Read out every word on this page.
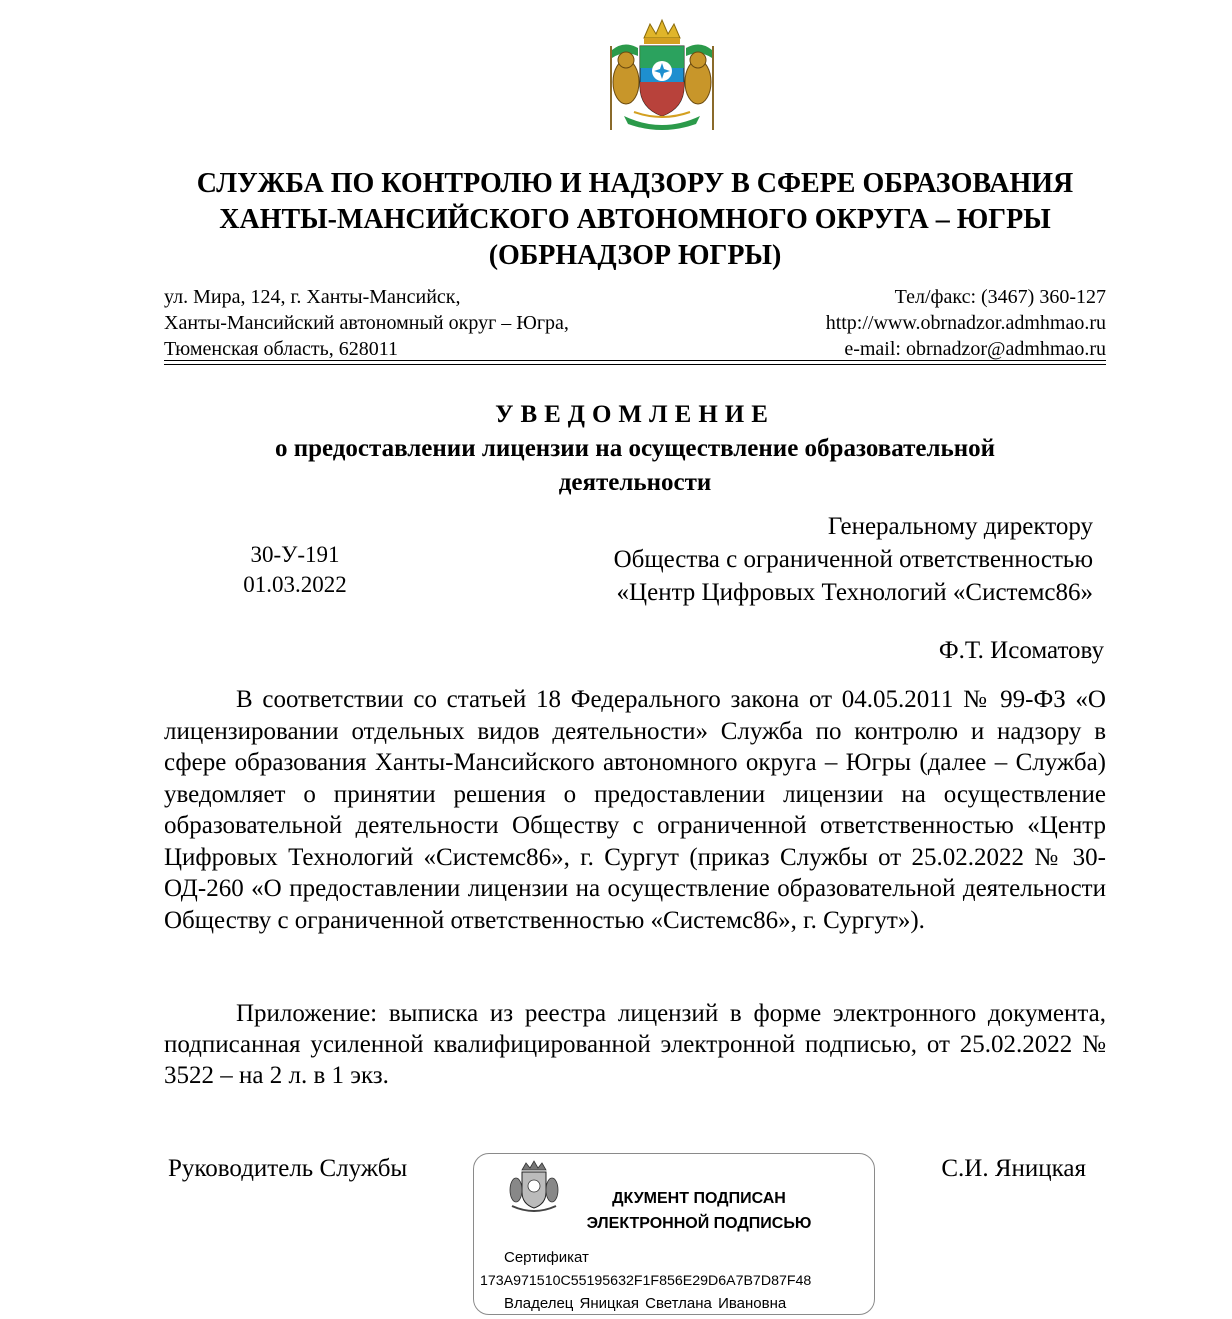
СЛУЖБА ПО КОНТРОЛЮ И НАДЗОРУ В СФЕРЕ ОБРАЗОВАНИЯ
ХАНТЫ-МАНСИЙСКОГО АВТОНОМНОГО ОКРУГА – ЮГРЫ
(ОБРНАДЗОР ЮГРЫ)
ул. Мира, 124, г. Ханты-Мансийск,	Тел/факс: (3467) 360-127
Ханты-Мансийский автономный округ – Югра,	http://www.obrnadzor.admhmao.ru
Тюменская область, 628011	e-mail: obrnadzor@admhmao.ru
УВЕДОМЛЕНИЕ
о предоставлении лицензии на осуществление образовательной
деятельности
30-У-191
01.03.2022
Генеральному директору
Общества с ограниченной ответственностью
«Центр Цифровых Технологий «Системс86»
Ф.Т. Исоматову

В соответствии со статьей 18 Федерального закона от 04.05.2011 № 99-ФЗ «О лицензировании отдельных видов деятельности» Служба по контролю и надзору в сфере образования Ханты-Мансийского автономного округа – Югры (далее – Служба) уведомляет о принятии решения о предоставлении лицензии на осуществление образовательной деятельности Обществу с ограниченной ответственностью «Центр Цифровых Технологий «Системс86», г. Сургут (приказ Службы от 25.02.2022 № 30-ОД-260 «О предоставлении лицензии на осуществление образовательной деятельности Обществу с ограниченной ответственностью «Системс86», г. Сургут»).

Приложение: выписка из реестра лицензий в форме электронного документа, подписанная усиленной квалифицированной электронной подписью, от 25.02.2022 № 3522 – на 2 л. в 1 экз.

Руководитель Службы	С.И. Яницкая
ДКУМЕНТ ПОДПИСАН
ЭЛЕКТРОННОЙ ПОДПИСЬЮ
Сертификат
173A971510C55195632F1F856E29D6A7B7D87F48
Владелец Яницкая Светлана Ивановна
